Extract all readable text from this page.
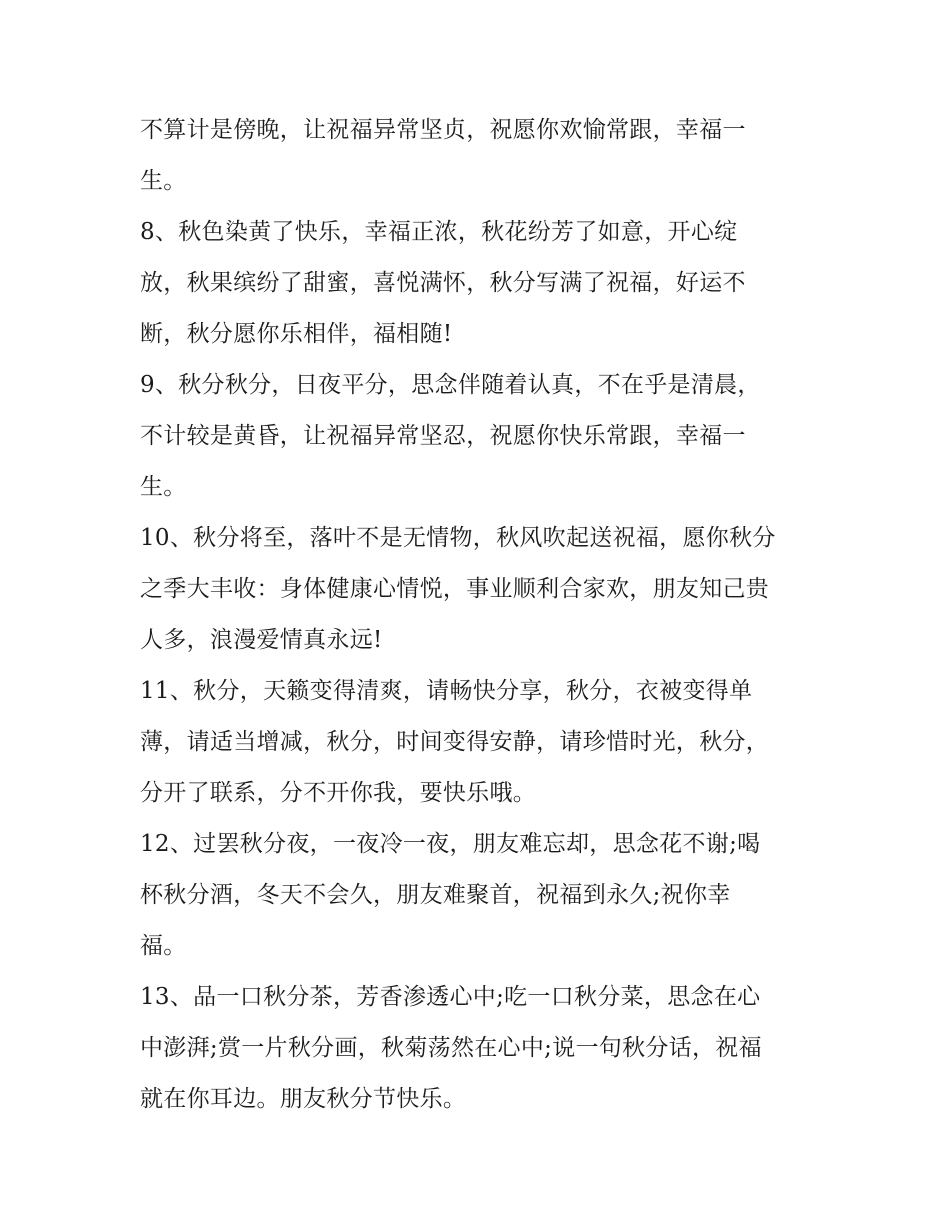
不算计是傍晚，让祝福异常坚贞，祝愿你欢愉常跟，幸福一
生。
8、秋色染黄了快乐，幸福正浓，秋花纷芳了如意，开心绽
放，秋果缤纷了甜蜜，喜悦满怀，秋分写满了祝福，好运不
断，秋分愿你乐相伴，福相随!
9、秋分秋分，日夜平分，思念伴随着认真，不在乎是清晨，
不计较是黄昏，让祝福异常坚忍，祝愿你快乐常跟，幸福一
生。
10、秋分将至，落叶不是无情物，秋风吹起送祝福，愿你秋分
之季大丰收：身体健康心情悦，事业顺利合家欢，朋友知己贵
人多，浪漫爱情真永远!
11、秋分，天籁变得清爽，请畅快分享，秋分，衣被变得单
薄，请适当增减，秋分，时间变得安静，请珍惜时光，秋分，
分开了联系，分不开你我，要快乐哦。
12、过罢秋分夜，一夜冷一夜，朋友难忘却，思念花不谢;喝
杯秋分酒，冬天不会久，朋友难聚首，祝福到永久;祝你幸
福。
13、品一口秋分茶，芳香渗透心中;吃一口秋分菜，思念在心
中澎湃;赏一片秋分画，秋菊荡然在心中;说一句秋分话，祝福
就在你耳边。朋友秋分节快乐。
